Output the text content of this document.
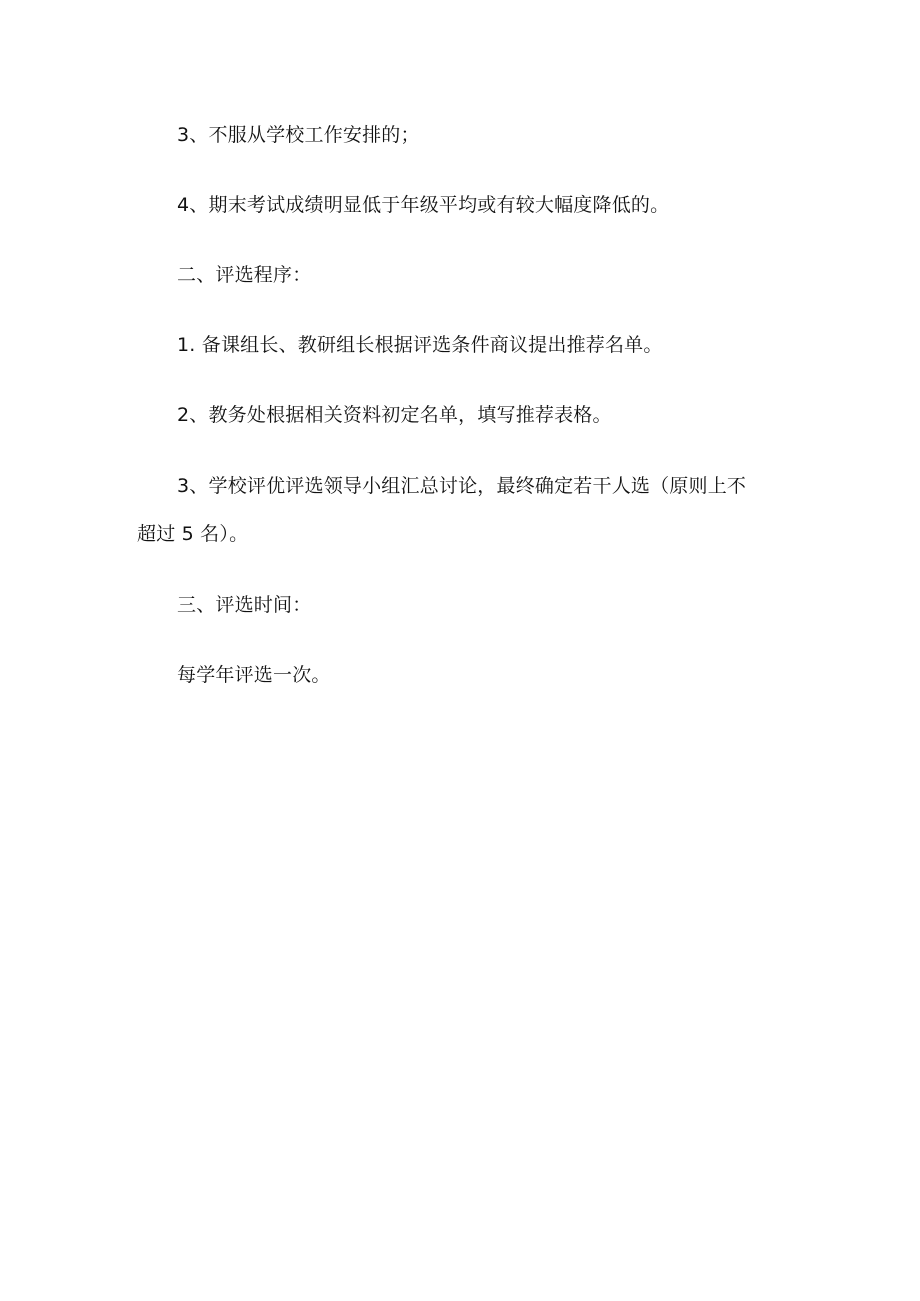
3、不服从学校工作安排的；
4、期末考试成绩明显低于年级平均或有较大幅度降低的。
二、评选程序：
1. 备课组长、教研组长根据评选条件商议提出推荐名单。
2、教务处根据相关资料初定名单，填写推荐表格。
3、学校评优评选领导小组汇总讨论，最终确定若干人选（原则上不
超过 5 名）。
三、评选时间：
每学年评选一次。
